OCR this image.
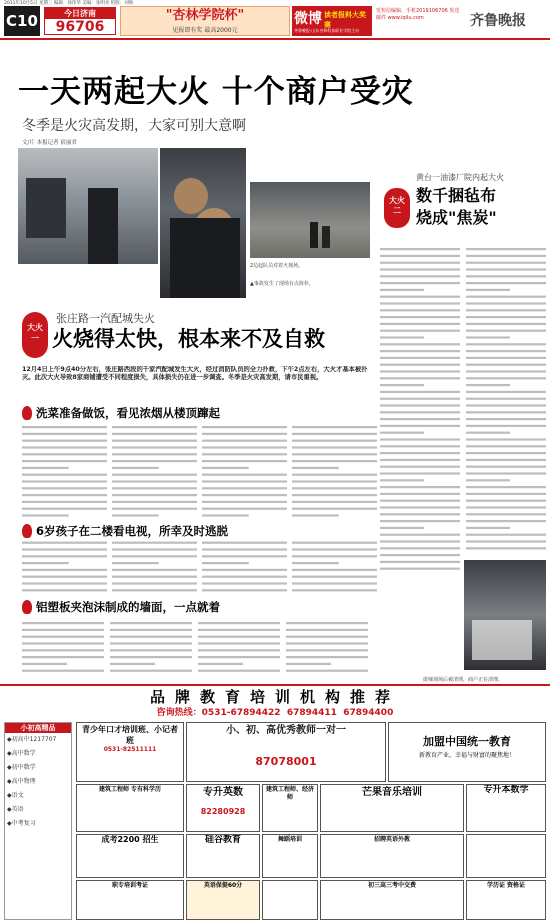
2011年10月5日 星期三 编辑：徐伟华 美编：张明亮 组版：刘焕
C10	今日济南
96706
"杏林学院杯"
见报即有奖 最高2000元
微博 读者报料大奖赛
齐鲁晚报·山东杏林科技职业学院主办
发短信编辑、手机2019106706 发送邮件 www.iqilu.com	齐鲁晚报
一天两起大火 十个商户受灾
冬季是火灾高发期，大家可别大意啊
文/片 本报记者 宿丽君
2边起队员对着火现场。
▲事故发生了现场有点简朴。
大火
二
黄台一油漆厂院内起大火
数千捆毡布
烧成"焦炭"
大火
一
张庄路一汽配城失火
火烧得太快，根本来不及自救
12月4日上午9点40分左右，张庄路西段的千家汽配城发生大火，经过消防队员的全力扑救，下午2点左右，大火才基本被扑灭。此次大火导致8家商铺遭受不同程度损失，具体损失仍在进一步调查。冬季是火灾高发期，请市民重视。
洗菜准备做饭，看见浓烟从楼顶蹿起
6岁孩子在二楼看电视，所幸及时逃脱
铝塑板夹泡沫制成的墙面，一点就着
废墟现场后被清理，商户正在清理。
品牌教育培训机构推荐
咨询热线：0531-67894422 67894411 67894400
小初高精品
◆初高中1217707
◆高中数学
◆初中数学
◆高中物理
◆语文
◆英语
◆中考复习
青少年口才培训班、小记者班
0531-82511111
小、初、高优秀教师一对一
87078001
加盟中国统一教育
新教育产业，幸福与财富的聚焦地！
建筑工程师 专有科学历	专升英数
82280928
建筑工程师、经济师	芒果音乐培训	专升本数学
成考2200 招生	硅谷教育	舞蹈培训	招聘英语外教
职专培训考证	英语保提60分	初三高三考中交费	学历证 资格证
